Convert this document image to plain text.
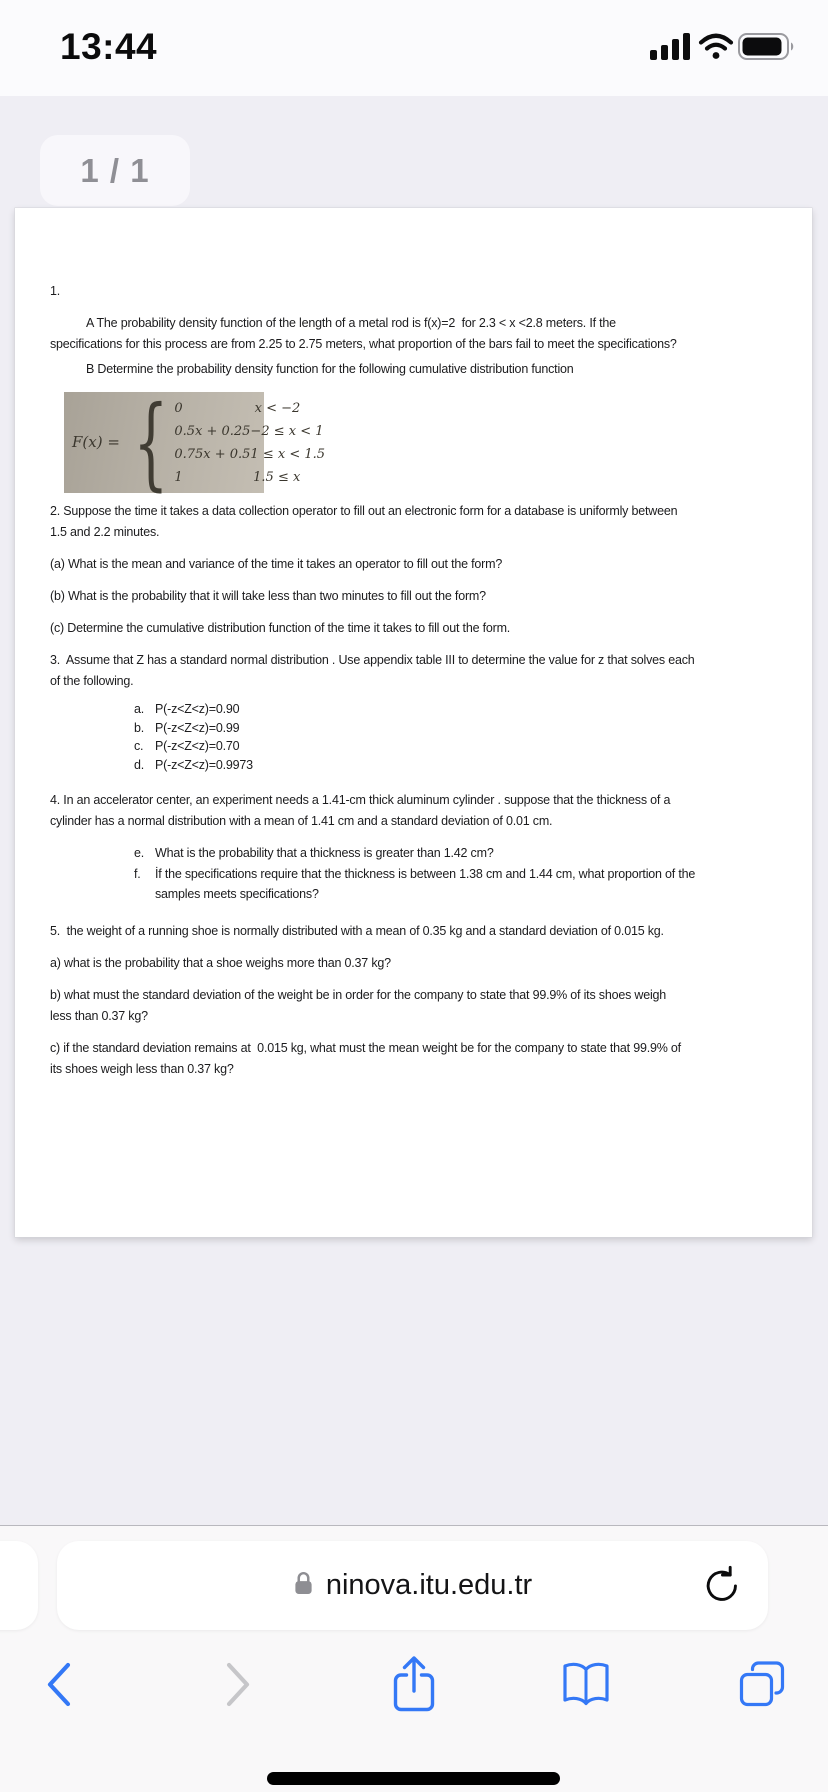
13:44
1 / 1
1.
A The probability density function of the length of a metal rod is f(x)=2  for 2.3 < x <2.8 meters. If the
specifications for this process are from 2.25 to 2.75 meters, what proportion of the bars fail to meet the specifications?
B Determine the probability density function for the following cumulative distribution function
F(x) = { 0	x < −2
0.5x + 0.25 −2 ≤ x < 1
0.75x + 0.5 1 ≤ x < 1.5
1	1.5 ≤ x
2. Suppose the time it takes a data collection operator to fill out an electronic form for a database is uniformly between
1.5 and 2.2 minutes.
(a) What is the mean and variance of the time it takes an operator to fill out the form?
(b) What is the probability that it will take less than two minutes to fill out the form?
(c) Determine the cumulative distribution function of the time it takes to fill out the form.
3.  Assume that Z has a standard normal distribution . Use appendix table III to determine the value for z that solves each
of the following.
a. P(-z<Z<z)=0.90
b. P(-z<Z<z)=0.99
c. P(-z<Z<z)=0.70
d. P(-z<Z<z)=0.9973
4. In an accelerator center, an experiment needs a 1.41-cm thick aluminum cylinder . suppose that the thickness of a
cylinder has a normal distribution with a mean of 1.41 cm and a standard deviation of 0.01 cm.
e. What is the probability that a thickness is greater than 1.42 cm?
f.	İf the specifications require that the thickness is between 1.38 cm and 1.44 cm, what proportion of the
samples meets specifications?
5.  the weight of a running shoe is normally distributed with a mean of 0.35 kg and a standard deviation of 0.015 kg.
a) what is the probability that a shoe weighs more than 0.37 kg?
b) what must the standard deviation of the weight be in order for the company to state that 99.9% of its shoes weigh
less than 0.37 kg?
c) if the standard deviation remains at  0.015 kg, what must the mean weight be for the company to state that 99.9% of
its shoes weigh less than 0.37 kg?
ninova.itu.edu.tr
